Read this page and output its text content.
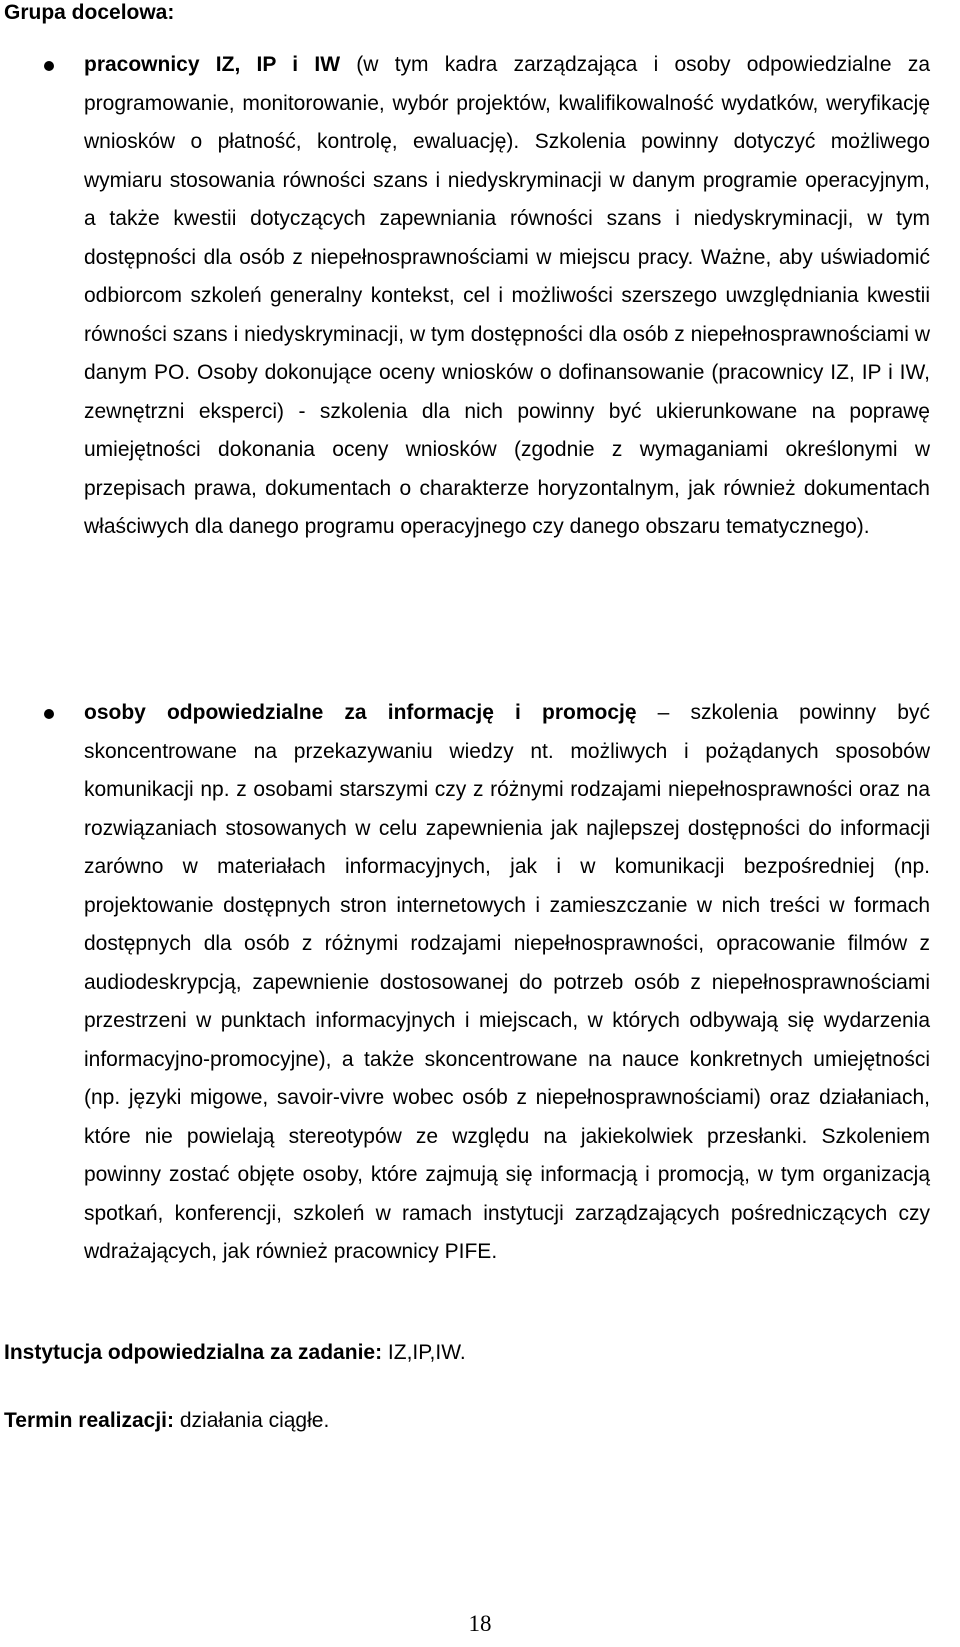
Grupa docelowa:

pracownicy IZ, IP i IW (w tym kadra zarządzająca i osoby odpowiedzialne za programowanie, monitorowanie, wybór projektów, kwalifikowalność wydatków, weryfikację wniosków o płatność, kontrolę, ewaluację). Szkolenia powinny dotyczyć możliwego wymiaru stosowania równości szans i niedyskryminacji w danym programie operacyjnym, a także kwestii dotyczących zapewniania równości szans i niedyskryminacji, w tym dostępności dla osób z niepełnosprawnościami w miejscu pracy. Ważne, aby uświadomić odbiorcom szkoleń generalny kontekst, cel i możliwości szerszego uwzględniania kwestii równości szans i niedyskryminacji, w tym dostępności dla osób z niepełnosprawnościami w danym PO. Osoby dokonujące oceny wniosków o dofinansowanie (pracownicy IZ, IP i IW, zewnętrzni eksperci) - szkolenia dla nich powinny być ukierunkowane na poprawę umiejętności dokonania oceny wniosków (zgodnie z wymaganiami określonymi w przepisach prawa, dokumentach o charakterze horyzontalnym, jak również dokumentach właściwych dla danego programu operacyjnego czy danego obszaru tematycznego).

osoby odpowiedzialne za informację i promocję – szkolenia powinny być skoncentrowane na przekazywaniu wiedzy nt. możliwych i pożądanych sposobów komunikacji np. z osobami starszymi czy z różnymi rodzajami niepełnosprawności oraz na rozwiązaniach stosowanych w celu zapewnienia jak najlepszej dostępności do informacji zarówno w materiałach informacyjnych, jak i w komunikacji bezpośredniej (np. projektowanie dostępnych stron internetowych i zamieszczanie w nich treści w formach dostępnych dla osób z różnymi rodzajami niepełnosprawności, opracowanie filmów z audiodeskrypcją, zapewnienie dostosowanej do potrzeb osób z niepełnosprawnościami przestrzeni w punktach informacyjnych i miejscach, w których odbywają się wydarzenia informacyjno-promocyjne), a także skoncentrowane na nauce konkretnych umiejętności (np. języki migowe, savoir-vivre wobec osób z niepełnosprawnościami) oraz działaniach, które nie powielają stereotypów ze względu na jakiekolwiek przesłanki. Szkoleniem powinny zostać objęte osoby, które zajmują się informacją i promocją, w tym organizacją spotkań, konferencji, szkoleń w ramach instytucji zarządzających pośredniczących czy wdrażających, jak również pracownicy PIFE.

Instytucja odpowiedzialna za zadanie: IZ,IP,IW.

Termin realizacji: działania ciągłe.

18
